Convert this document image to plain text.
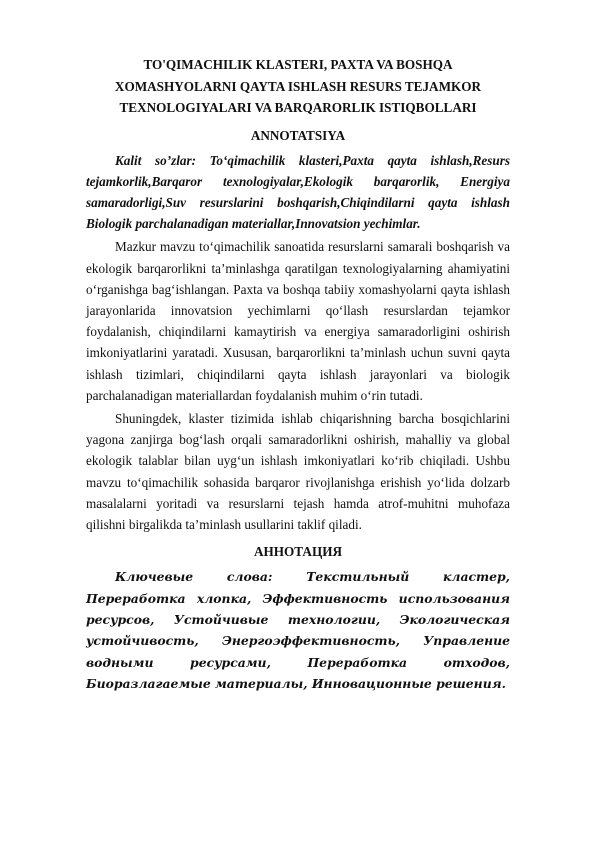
TO'QIMACHILIK KLASTERI, PAXTA VA BOSHQA XOMASHYOLARNI QAYTA ISHLASH RESURS TEJAMKOR TEXNOLOGIYALARI VA BARQARORLIK ISTIQBOLLARI
ANNOTATSIYA

Kalit so’zlar: To‘qimachilik klasteri,Paxta qayta ishlash,Resurs tejamkorlik,Barqaror texnologiyalar,Ekologik barqarorlik, Energiya samaradorligi,Suv resurslarini boshqarish,Chiqindilarni qayta ishlash Biologik parchalanadigan materiallar,Innovatsion yechimlar.

Mazkur mavzu to‘qimachilik sanoatida resurslarni samarali boshqarish va ekologik barqarorlikni ta’minlashga qaratilgan texnologiyalarning ahamiyatini o‘rganishga bag‘ishlangan. Paxta va boshqa tabiiy xomashyolarni qayta ishlash jarayonlarida innovatsion yechimlarni qo‘llash resurslardan tejamkor foydalanish, chiqindilarni kamaytirish va energiya samaradorligini oshirish imkoniyatlarini yaratadi. Xususan, barqarorlikni ta’minlash uchun suvni qayta ishlash tizimlari, chiqindilarni qayta ishlash jarayonlari va biologik parchalanadigan materiallardan foydalanish muhim o‘rin tutadi.

Shuningdek, klaster tizimida ishlab chiqarishning barcha bosqichlarini yagona zanjirga bog‘lash orqali samaradorlikni oshirish, mahalliy va global ekologik talablar bilan uyg‘un ishlash imkoniyatlari ko‘rib chiqiladi. Ushbu mavzu to‘qimachilik sohasida barqaror rivojlanishga erishish yo‘lida dolzarb masalalarni yoritadi va resurslarni tejash hamda atrof-muhitni muhofaza qilishni birgalikda ta’minlash usullarini taklif qiladi.

АННОТАЦИЯ

Ключевые слова: Текстильный кластер, Переработка хлопка, Эффективность использования ресурсов, Устойчивые технологии, Экологическая устойчивость, Энергоэффективность, Управление водными ресурсами, Переработка отходов, Биоразлагаемые материалы, Инновационные решения.
